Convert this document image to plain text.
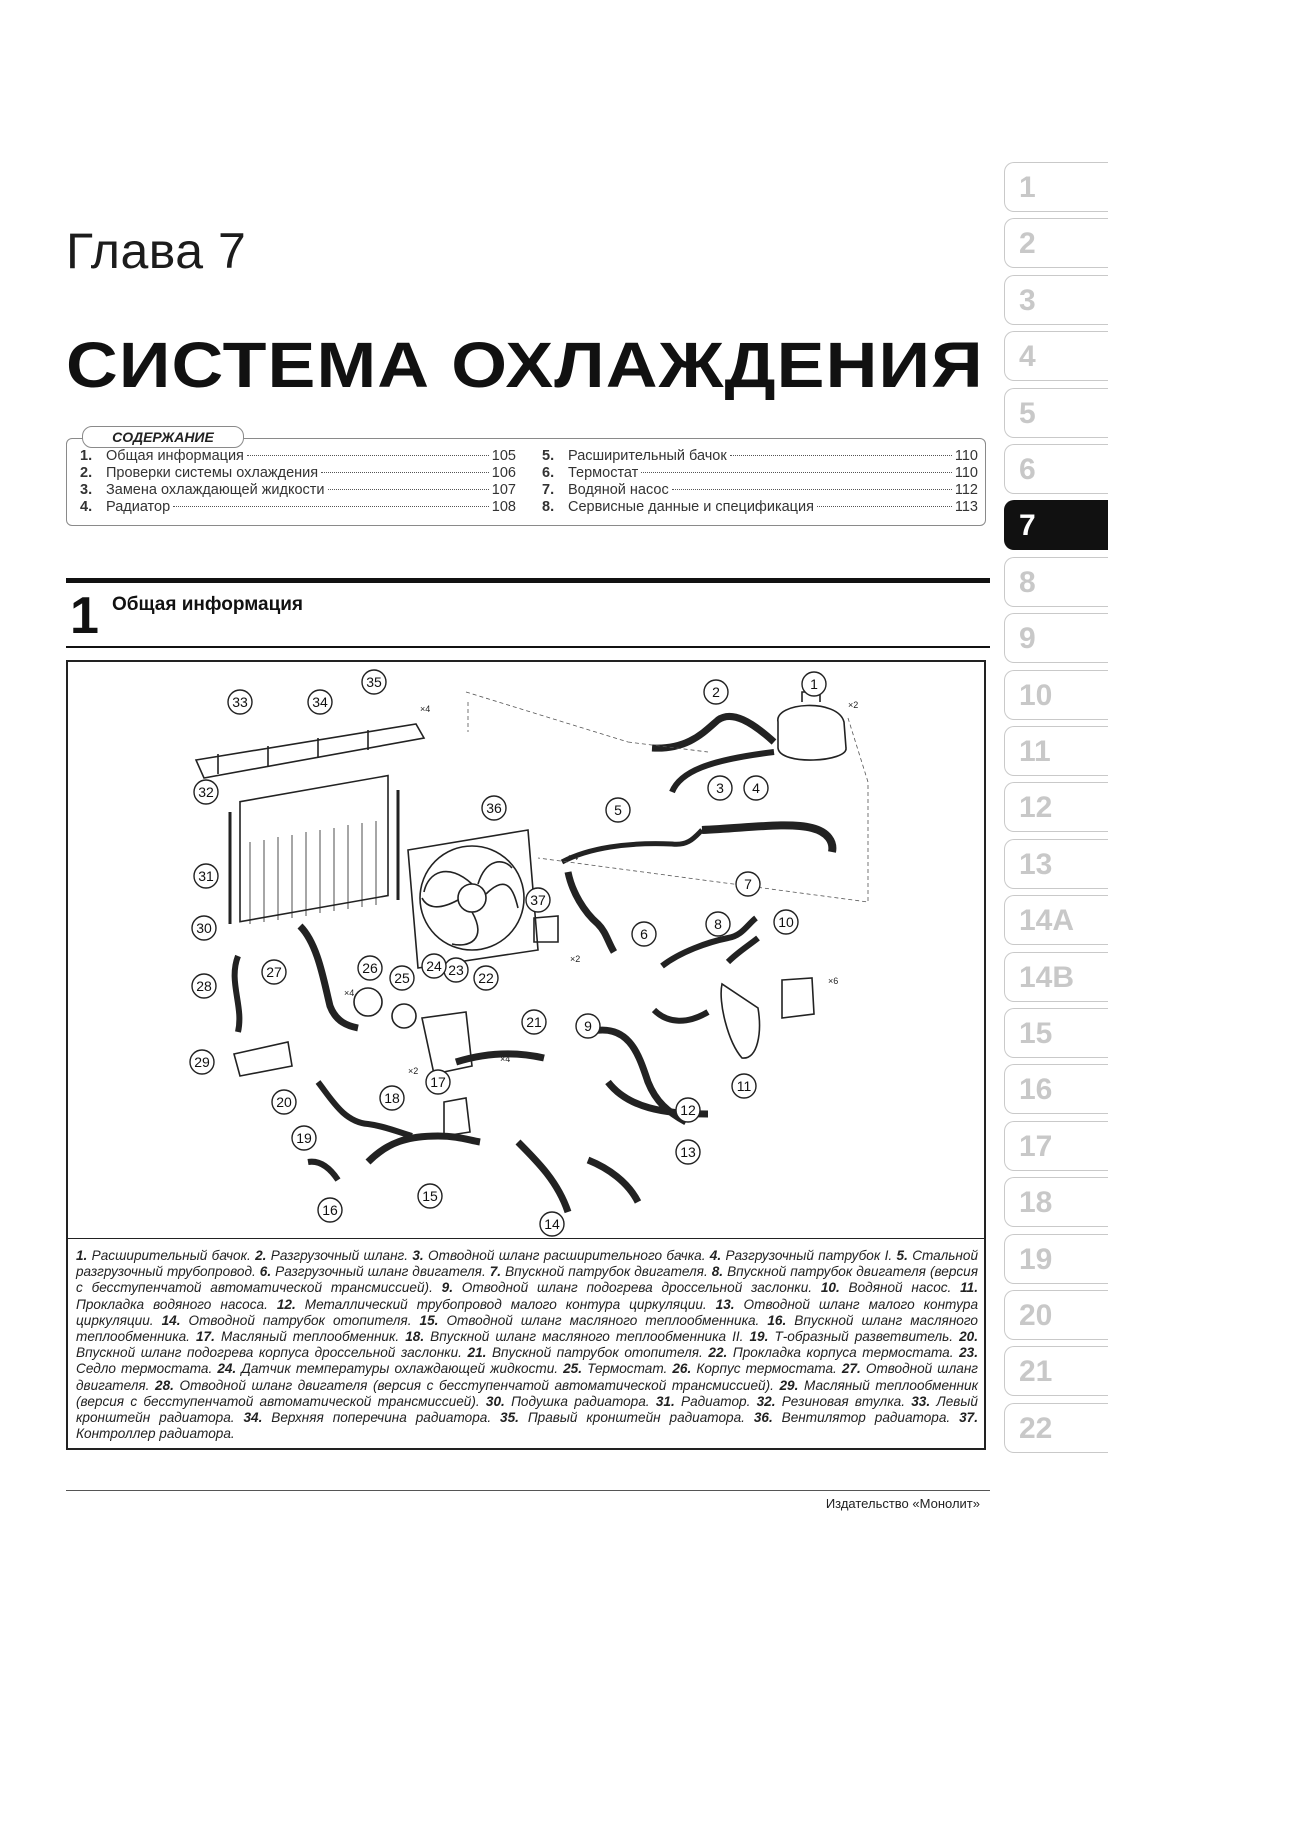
Глава 7
СИСТЕМА ОХЛАЖДЕНИЯ
СОДЕРЖАНИЕ
1. Общая информация	105
2. Проверки системы охлаждения	106
3. Замена охлаждающей жидкости	107
4. Радиатор	108
5. Расширительный бачок	110
6. Термостат	110
7. Водяной насос	112
8. Сервисные данные и спецификация	113
1 Общая информация
1
2
3 4
5
6
7
8
9
10
11
12
13
14
15
16
17
18
19
20
21
22
23
24
25
26
27
28
29
30
31
32
33	34
35
36
37
×4	×2
×4
×2
×6
×4
×2
×4
1. Расширительный бачок. 2. Разгрузочный шланг. 3. Отводной шланг расширительного бачка. 4. Разгрузочный патрубок I. 5. Стальной разгрузочный трубопровод. 6. Разгрузочный шланг двигателя. 7. Впускной патрубок двигателя. 8. Впускной патрубок двигателя (версия с бесступенчатой автоматической трансмиссией). 9. Отводной шланг подогрева дроссельной заслонки. 10. Водяной насос. 11. Прокладка водяного насоса. 12. Металлический трубопровод малого контура циркуляции. 13. Отводной шланг малого контура циркуляции. 14. Отводной патрубок отопителя. 15. Отводной шланг масляного теплообменника. 16. Впускной шланг масляного теплообменника. 17. Масляный теплообменник. 18. Впускной шланг масляного теплообменника II. 19. Т-образный разветвитель. 20. Впускной шланг подогрева корпуса дроссельной заслонки. 21. Впускной патрубок отопителя. 22. Прокладка корпуса термостата. 23. Седло термостата. 24. Датчик температуры охлаждающей жидкости. 25. Термостат. 26. Корпус термостата. 27. Отводной шланг двигателя. 28. Отводной шланг двигателя (версия с бесступенчатой автоматической трансмиссией). 29. Масляный теплообменник (версия с бесступенчатой автоматической трансмиссией). 30. Подушка радиатора. 31. Радиатор. 32. Резиновая втулка. 33. Левый кронштейн радиатора. 34. Верхняя поперечина радиатора. 35. Правый кронштейн радиатора. 36. Вентилятор радиатора. 37. Контроллер радиатора.
Издательство «Монолит»
1
2
3
4
5
6
7
8
9
10
11
12
13
14A
14B
15
16
17
18
19
20
21
22
